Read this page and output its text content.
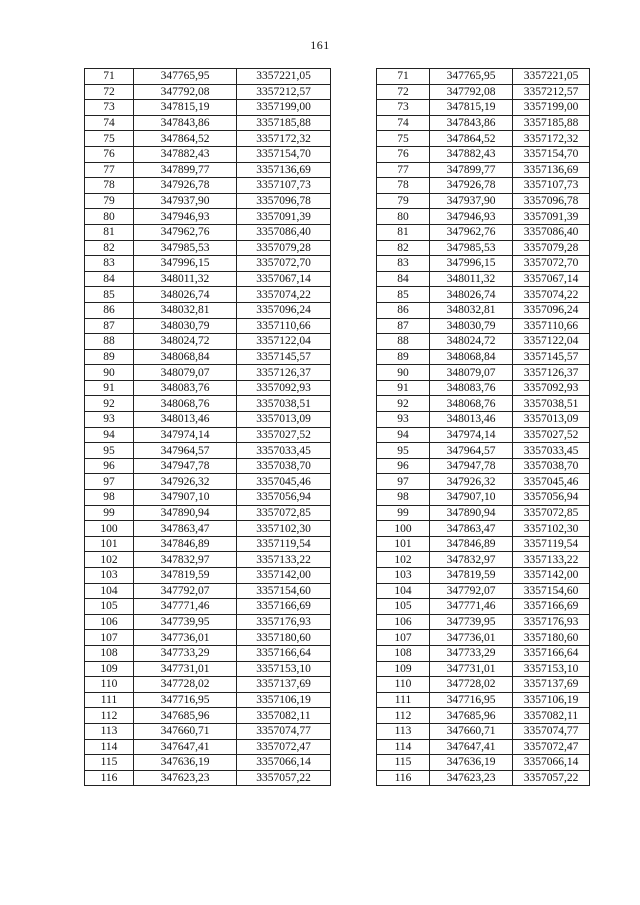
161
71	347765,95	3357221,05
72	347792,08	3357212,57
73	347815,19	3357199,00
74	347843,86	3357185,88
75	347864,52	3357172,32
76	347882,43	3357154,70
77	347899,77	3357136,69
78	347926,78	3357107,73
79	347937,90	3357096,78
80	347946,93	3357091,39
81	347962,76	3357086,40
82	347985,53	3357079,28
83	347996,15	3357072,70
84	348011,32	3357067,14
85	348026,74	3357074,22
86	348032,81	3357096,24
87	348030,79	3357110,66
88	348024,72	3357122,04
89	348068,84	3357145,57
90	348079,07	3357126,37
91	348083,76	3357092,93
92	348068,76	3357038,51
93	348013,46	3357013,09
94	347974,14	3357027,52
95	347964,57	3357033,45
96	347947,78	3357038,70
97	347926,32	3357045,46
98	347907,10	3357056,94
99	347890,94	3357072,85
100	347863,47	3357102,30
101	347846,89	3357119,54
102	347832,97	3357133,22
103	347819,59	3357142,00
104	347792,07	3357154,60
105	347771,46	3357166,69
106	347739,95	3357176,93
107	347736,01	3357180,60
108	347733,29	3357166,64
109	347731,01	3357153,10
110	347728,02	3357137,69
111	347716,95	3357106,19
112	347685,96	3357082,11
113	347660,71	3357074,77
114	347647,41	3357072,47
115	347636,19	3357066,14
116	347623,23	3357057,22
71	347765,95	3357221,05
72	347792,08	3357212,57
73	347815,19	3357199,00
74	347843,86	3357185,88
75	347864,52	3357172,32
76	347882,43	3357154,70
77	347899,77	3357136,69
78	347926,78	3357107,73
79	347937,90	3357096,78
80	347946,93	3357091,39
81	347962,76	3357086,40
82	347985,53	3357079,28
83	347996,15	3357072,70
84	348011,32	3357067,14
85	348026,74	3357074,22
86	348032,81	3357096,24
87	348030,79	3357110,66
88	348024,72	3357122,04
89	348068,84	3357145,57
90	348079,07	3357126,37
91	348083,76	3357092,93
92	348068,76	3357038,51
93	348013,46	3357013,09
94	347974,14	3357027,52
95	347964,57	3357033,45
96	347947,78	3357038,70
97	347926,32	3357045,46
98	347907,10	3357056,94
99	347890,94	3357072,85
100	347863,47	3357102,30
101	347846,89	3357119,54
102	347832,97	3357133,22
103	347819,59	3357142,00
104	347792,07	3357154,60
105	347771,46	3357166,69
106	347739,95	3357176,93
107	347736,01	3357180,60
108	347733,29	3357166,64
109	347731,01	3357153,10
110	347728,02	3357137,69
111	347716,95	3357106,19
112	347685,96	3357082,11
113	347660,71	3357074,77
114	347647,41	3357072,47
115	347636,19	3357066,14
116	347623,23	3357057,22
